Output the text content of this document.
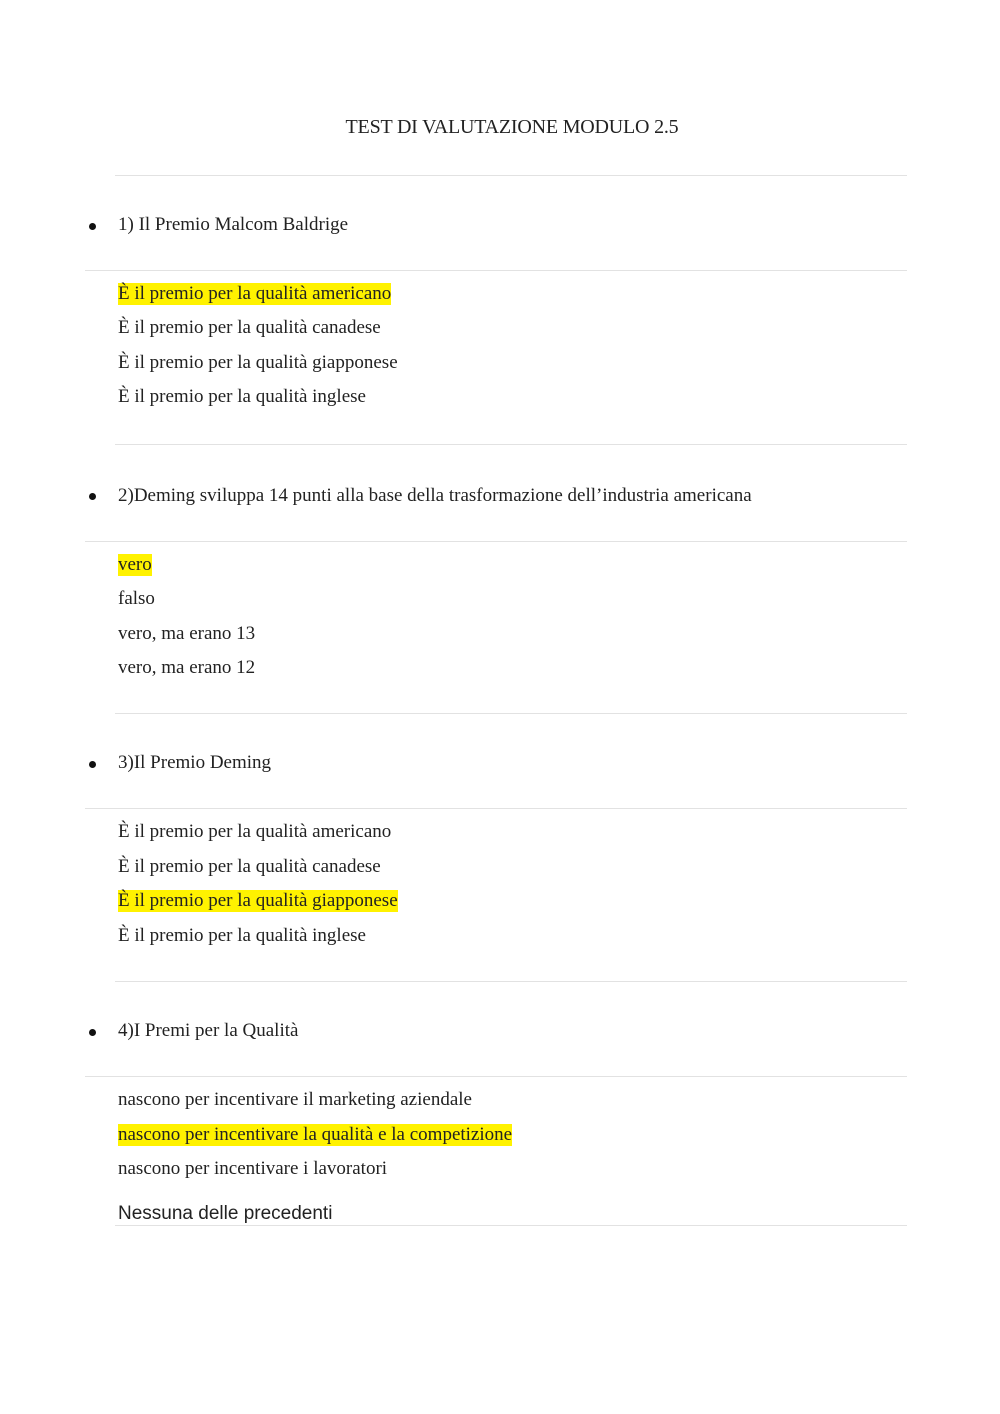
TEST DI VALUTAZIONE MODULO 2.5
1) Il Premio Malcom Baldrige
È il premio per la qualità americano
È il premio per la qualità canadese
È il premio per la qualità giapponese
È il premio per la qualità inglese
2)Deming sviluppa 14 punti alla base della trasformazione dell’industria americana
vero
falso
vero, ma erano 13
vero, ma erano 12
3)Il Premio Deming
È il premio per la qualità americano
È il premio per la qualità canadese
È il premio per la qualità giapponese
È il premio per la qualità inglese
4)I Premi per la Qualità
nascono per incentivare il marketing aziendale
nascono per incentivare la qualità e la competizione
nascono per incentivare i lavoratori
Nessuna delle precedenti
